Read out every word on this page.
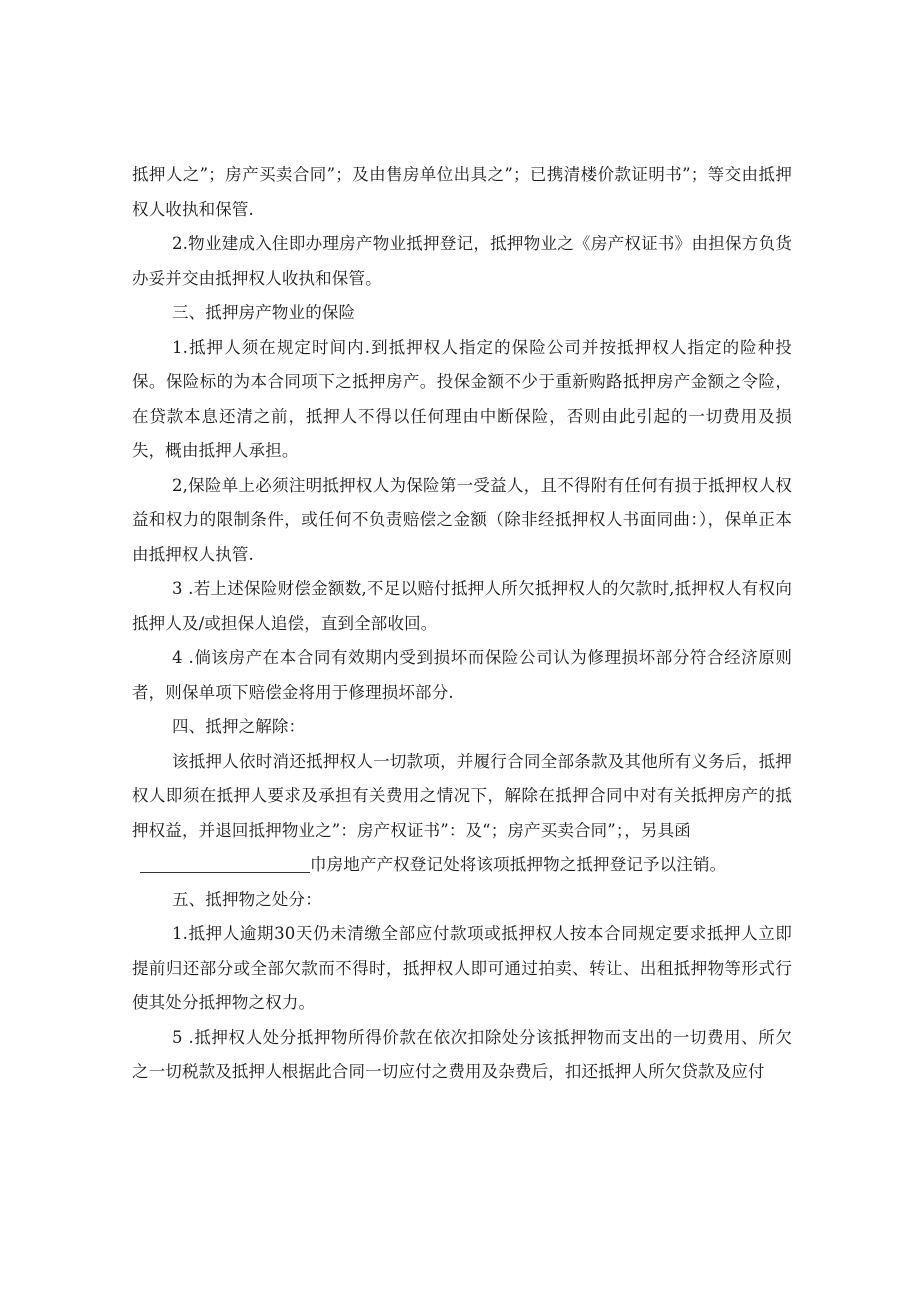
抵押人之”；房产买卖合同”；及由售房单位出具之”；已携清楼价款证明书”；等交由抵押权人收执和保管.

2.物业建成入住即办理房产物业抵押登记，抵押物业之《房产权证书》由担保方负货办妥并交由抵押权人收执和保管。

三、抵押房产物业的保险

1.抵押人须在规定时间内.到抵押权人指定的保险公司并按抵押权人指定的险种投保。保险标的为本合同项下之抵押房产。投保金额不少于重新购路抵押房产金额之令险，在贷款本息还清之前，抵押人不得以任何理由中断保险，否则由此引起的一切费用及损失，概由抵押人承担。

2,保险单上必须注明抵押权人为保险第一受益人，且不得附有任何有损于抵押权人权益和权力的限制条件，或任何不负责赔偿之金额（除非经抵押权人书面同曲：），保单正本由抵押权人执管.

3 .若上述保险财偿金额数,不足以赔付抵押人所欠抵押权人的欠款时,抵押权人有权向抵押人及/或担保人追偿，直到全部收回。

4 .倘该房产在本合同有效期内受到损坏而保险公司认为修理损坏部分符合经济原则者，则保单项下赔偿金将用于修理损坏部分.

四、抵押之解除：

该抵押人依时消还抵押权人一切款项，并履行合同全部条款及其他所有义务后，抵押权人即须在抵押人要求及承担有关费用之情况下，解除在抵押合同中对有关抵押房产的抵押权益，并退回抵押物业之”：房产权证书”：及“；房产买卖合同”；，另具函

巾房地产产权登记处将该项抵押物之抵押登记予以注销。

五、抵押物之处分：

1.抵押人逾期30天仍未清缴全部应付款项或抵押权人按本合同规定要求抵押人立即提前归还部分或全部欠款而不得时，抵押权人即可通过拍卖、转让、出租抵押物等形式行使其处分抵押物之权力。

5 .抵押权人处分抵押物所得价款在依次扣除处分该抵押物而支出的一切费用、所欠之一切税款及抵押人根据此合同一切应付之费用及杂费后，扣还抵押人所欠贷款及应付
